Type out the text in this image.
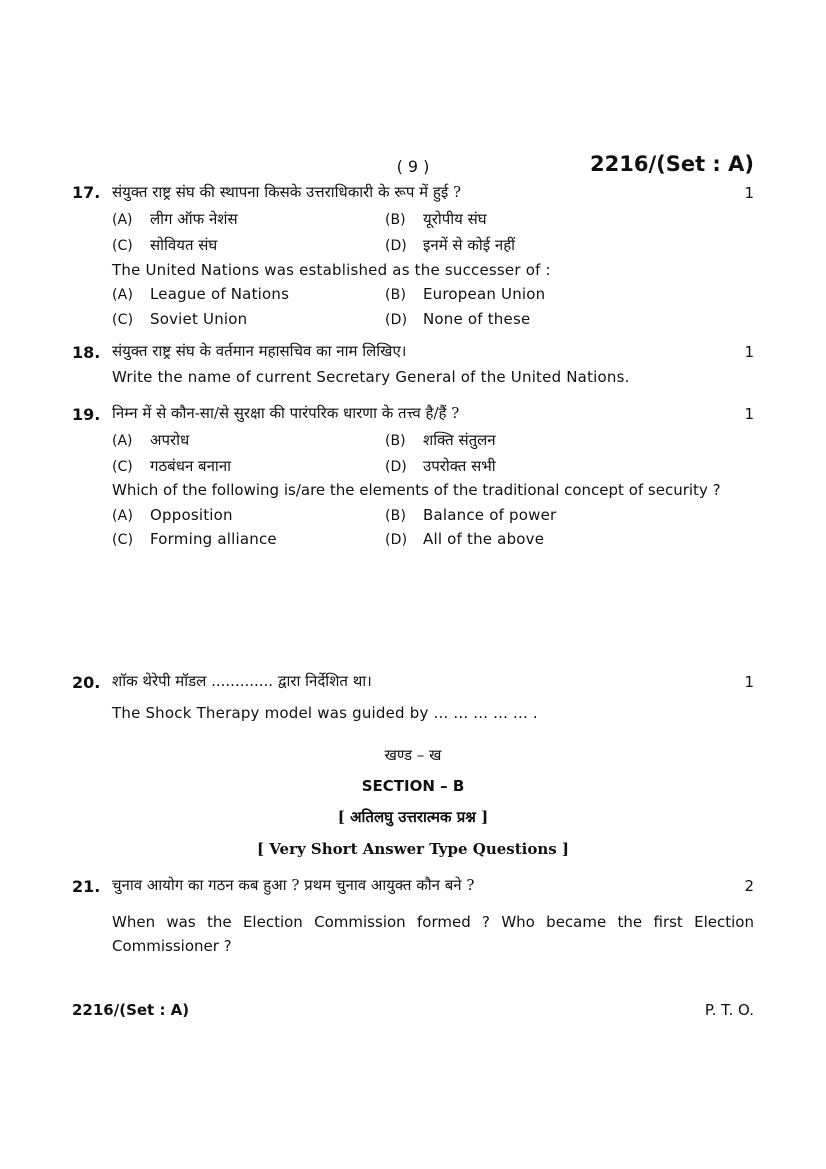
( 9 )	2216/(Set : A)
17.	1
संयुक्त राष्ट्र संघ की स्थापना किसके उत्तराधिकारी के रूप में हुई ?
(A) लीग ऑफ नेशंस	(B) यूरोपीय संघ
(C) सोवियत संघ	(D) इनमें से कोई नहीं
The United Nations was established as the successer of :
(A) League of Nations	(B) European Union
(C) Soviet Union	(D) None of these
18.	1
संयुक्त राष्ट्र संघ के वर्तमान महासचिव का नाम लिखिए।
Write the name of current Secretary General of the United Nations.
19.	1
निम्न में से कौन-सा/से सुरक्षा की पारंपरिक धारणा के तत्त्व है/हैं ?
(A) अपरोध	(B) शक्ति संतुलन
(C) गठबंधन बनाना	(D) उपरोक्त सभी
Which of the following is/are the elements of the traditional concept of security ?
(A) Opposition	(B) Balance of power
(C) Forming alliance	(D) All of the above
20.	1
शॉक थेरेपी मॉडल ............. द्वारा निर्देशित था।
The Shock Therapy model was guided by ... ... ... ... ... .
खण्ड – ख
SECTION – B
[ अतिलघु उत्तरात्मक प्रश्न ]
[ Very Short Answer Type Questions ]
21.	2
चुनाव आयोग का गठन कब हुआ ? प्रथम चुनाव आयुक्त कौन बने ?
When was the Election Commission formed ? Who became the first Election Commissioner ?
2216/(Set : A)	P. T. O.
